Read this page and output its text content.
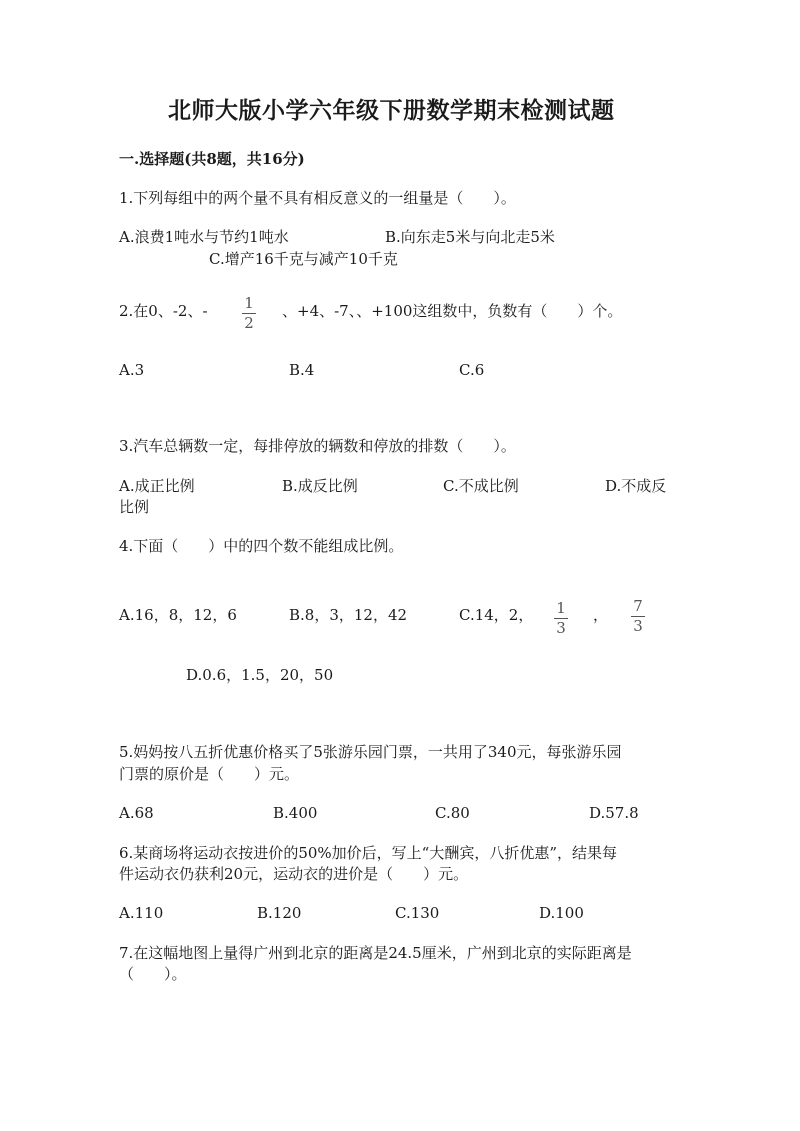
北师大版小学六年级下册数学期末检测试题
一.选择题(共8题，共16分)
1.下列每组中的两个量不具有相反意义的一组量是（　　）。
A.浪费1吨水与节约1吨水	B.向东走5米与向北走5米
C.增产16千克与减产10千克
2.在0、-2、- 1
2
、+4、-7、、+100这组数中，负数有（　　）个。
A.3	B.4	C.6
3.汽车总辆数一定，每排停放的辆数和停放的排数（　　）。
A.成正比例	B.成反比例	C.不成比例	D.不成反
比例
4.下面（　　）中的四个数不能组成比例。
A.16，8，12，6	B.8，3，12，42	C.14，2， 1
3
， 7
3
D.0.6，1.5，20，50
5.妈妈按八五折优惠价格买了5张游乐园门票，一共用了340元，每张游乐园
门票的原价是（　　）元。
A.68	B.400	C.80	D.57.8
6.某商场将运动衣按进价的50%加价后，写上“大酬宾，八折优惠”，结果每
件运动衣仍获利20元，运动衣的进价是（　　）元。
A.110	B.120	C.130	D.100
7.在这幅地图上量得广州到北京的距离是24.5厘米，广州到北京的实际距离是
（　　）。
